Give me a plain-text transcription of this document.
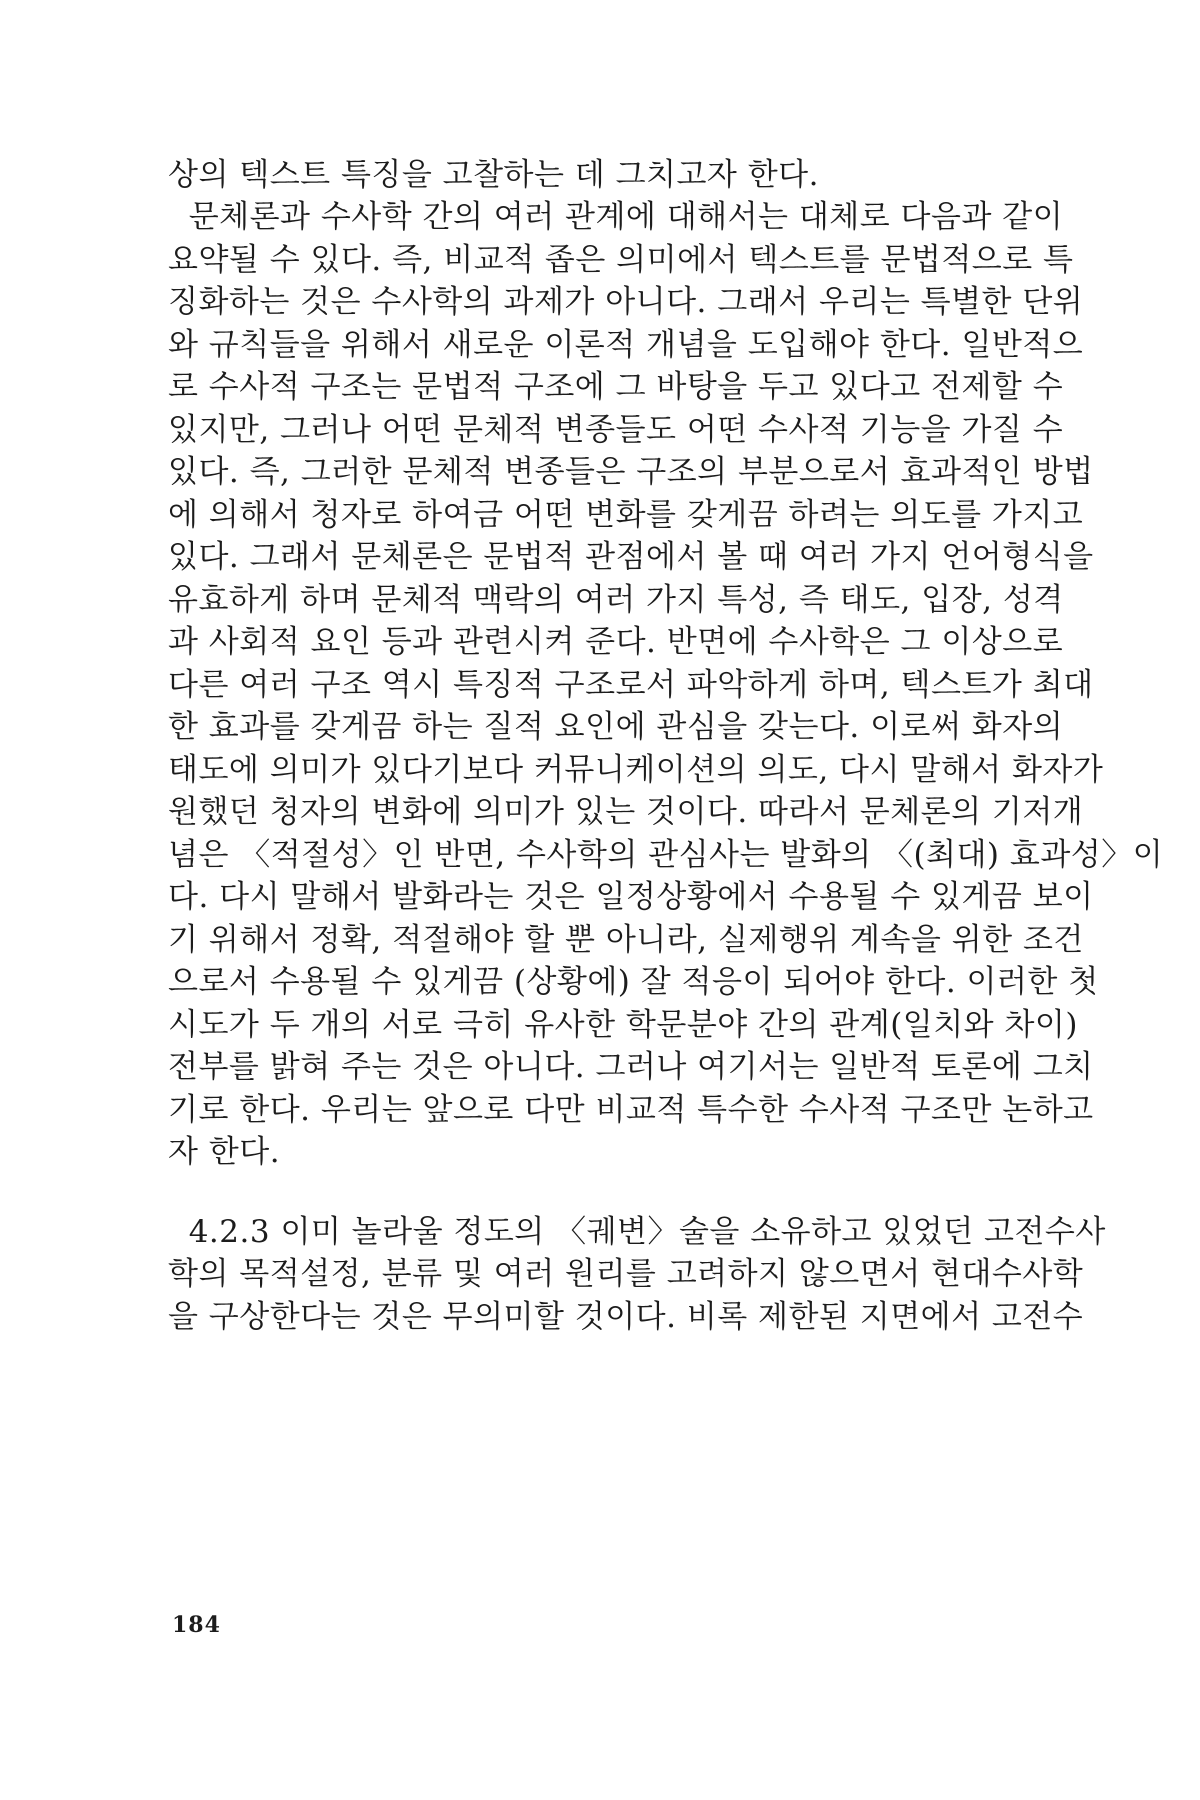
상의 텍스트 특징을 고찰하는 데 그치고자 한다.
문체론과 수사학 간의 여러 관계에 대해서는 대체로 다음과 같이
요약될 수 있다. 즉, 비교적 좁은 의미에서 텍스트를 문법적으로 특
징화하는 것은 수사학의 과제가 아니다. 그래서 우리는 특별한 단위
와 규칙들을 위해서 새로운 이론적 개념을 도입해야 한다. 일반적으
로 수사적 구조는 문법적 구조에 그 바탕을 두고 있다고 전제할 수
있지만, 그러나 어떤 문체적 변종들도 어떤 수사적 기능을 가질 수
있다. 즉, 그러한 문체적 변종들은 구조의 부분으로서 효과적인 방법
에 의해서 청자로 하여금 어떤 변화를 갖게끔 하려는 의도를 가지고
있다. 그래서 문체론은 문법적 관점에서 볼 때 여러 가지 언어형식을
유효하게 하며 문체적 맥락의 여러 가지 특성, 즉 태도, 입장, 성격
과 사회적 요인 등과 관련시켜 준다. 반면에 수사학은 그 이상으로
다른 여러 구조 역시 특징적 구조로서 파악하게 하며, 텍스트가 최대
한 효과를 갖게끔 하는 질적 요인에 관심을 갖는다. 이로써 화자의
태도에 의미가 있다기보다 커뮤니케이션의 의도, 다시 말해서 화자가
원했던 청자의 변화에 의미가 있는 것이다. 따라서 문체론의 기저개
념은 〈적절성〉인 반면, 수사학의 관심사는 발화의 〈(최대) 효과성〉이
다. 다시 말해서 발화라는 것은 일정상황에서 수용될 수 있게끔 보이
기 위해서 정확, 적절해야 할 뿐 아니라, 실제행위 계속을 위한 조건
으로서 수용될 수 있게끔 (상황에) 잘 적응이 되어야 한다. 이러한 첫
시도가 두 개의 서로 극히 유사한 학문분야 간의 관계(일치와 차이)
전부를 밝혀 주는 것은 아니다. 그러나 여기서는 일반적 토론에 그치
기로 한다. 우리는 앞으로 다만 비교적 특수한 수사적 구조만 논하고
자 한다.
4.2.3 이미 놀라울 정도의 〈궤변〉술을 소유하고 있었던 고전수사
학의 목적설정, 분류 및 여러 원리를 고려하지 않으면서 현대수사학
을 구상한다는 것은 무의미할 것이다. 비록 제한된 지면에서 고전수
184
